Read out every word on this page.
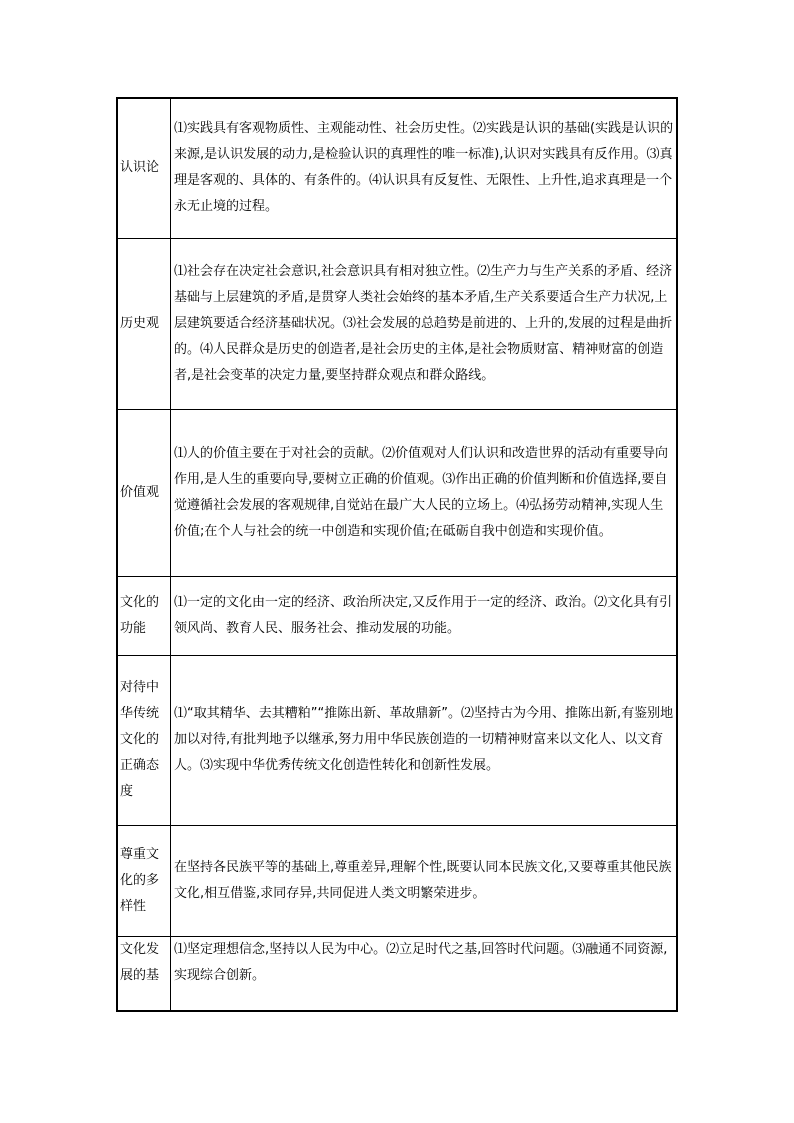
认识论	⑴实践具有客观物质性、主观能动性、社会历史性。⑵实践是认识的基础(实践是认识的来源,是认识发展的动力,是检验认识的真理性的唯一标准),认识对实践具有反作用。⑶真理是客观的、具体的、有条件的。⑷认识具有反复性、无限性、上升性,追求真理是一个永无止境的过程。

历史观	⑴社会存在决定社会意识,社会意识具有相对独立性。⑵生产力与生产关系的矛盾、经济基础与上层建筑的矛盾,是贯穿人类社会始终的基本矛盾,生产关系要适合生产力状况,上层建筑要适合经济基础状况。⑶社会发展的总趋势是前进的、上升的,发展的过程是曲折的。⑷人民群众是历史的创造者,是社会历史的主体,是社会物质财富、精神财富的创造者,是社会变革的决定力量,要坚持群众观点和群众路线。

价值观	⑴人的价值主要在于对社会的贡献。⑵价值观对人们认识和改造世界的活动有重要导向作用,是人生的重要向导,要树立正确的价值观。⑶作出正确的价值判断和价值选择,要自觉遵循社会发展的客观规律,自觉站在最广大人民的立场上。⑷弘扬劳动精神,实现人生价值;在个人与社会的统一中创造和实现价值;在砥砺自我中创造和实现价值。

文化的功能	⑴一定的文化由一定的经济、政治所决定,又反作用于一定的经济、政治。⑵文化具有引领风尚、教育人民、服务社会、推动发展的功能。

对待中华传统文化的正确态度	⑴“取其精华、去其糟粕”“推陈出新、革故鼎新”。⑵坚持古为今用、推陈出新,有鉴别地加以对待,有批判地予以继承,努力用中华民族创造的一切精神财富来以文化人、以文育人。⑶实现中华优秀传统文化创造性转化和创新性发展。

尊重文化的多样性	在坚持各民族平等的基础上,尊重差异,理解个性,既要认同本民族文化,又要尊重其他民族文化,相互借鉴,求同存异,共同促进人类文明繁荣进步。

文化发展的基	⑴坚定理想信念,坚持以人民为中心。⑵立足时代之基,回答时代问题。⑶融通不同资源,实现综合创新。
